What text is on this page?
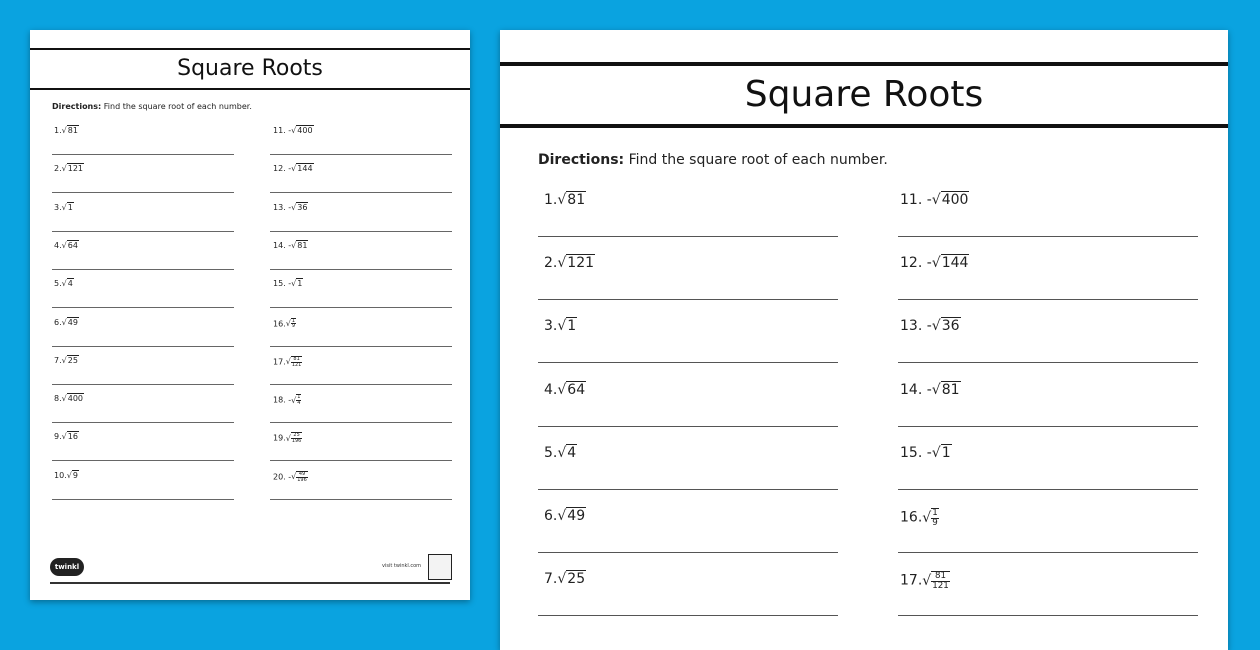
Square Roots
Directions: Find the square root of each number.
1.√81
2.√121
3.√1
4.√64
5.√4
6.√49
7.√25
8.√400
9.√16
10.√9
11. -√400
12. -√144
13. -√36
14. -√81
15. -√1
$16.√ \frac{1}{9}$
$17.√ \frac{81}{121}$
18. -√ $\frac{1}{4}$
$19.√ \frac{25}{196}$
20. -√ $\frac{49}{196}$
twinkl	visit twinkl.com
Square Roots
Directions: Find the square root of each number.
1.√81
2.√121
3.√1
4.√64
5.√4
6.√49
7.√25
11. -√400
12. -√144
13. -√36
14. -√81
15. -√1
$16.√ \frac{1}{9}$
$17.√ \frac{81}{121}$
